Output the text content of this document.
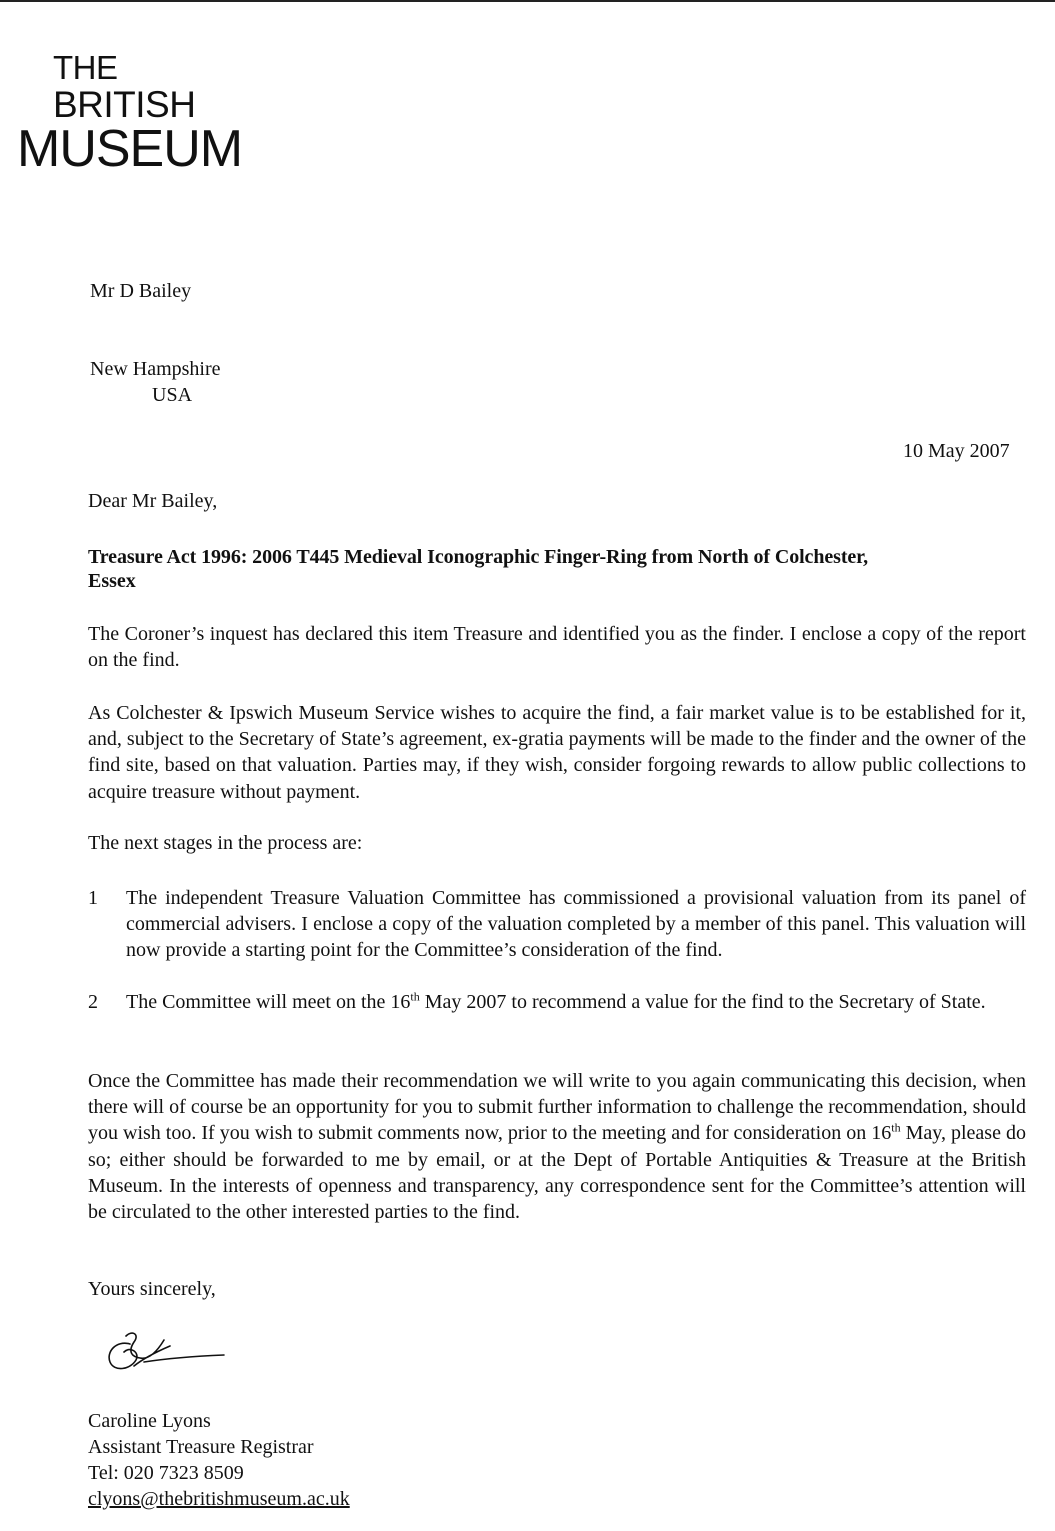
THE
BRITISH
MUSEUM
Mr D Bailey
New Hampshire
USA
10 May 2007
Dear Mr Bailey,
Treasure Act 1996: 2006 T445 Medieval Iconographic Finger-Ring from North of Colchester,
Essex
The Coroner’s inquest has declared this item Treasure and identified you as the finder. I enclose a copy of the report on the find.
As Colchester & Ipswich Museum Service wishes to acquire the find, a fair market value is to be established for it, and, subject to the Secretary of State’s agreement, ex-gratia payments will be made to the finder and the owner of the find site, based on that valuation. Parties may, if they wish, consider forgoing rewards to allow public collections to acquire treasure without payment.
The next stages in the process are:
1 The independent Treasure Valuation Committee has commissioned a provisional valuation from its panel of commercial advisers. I enclose a copy of the valuation completed by a member of this panel. This valuation will now provide a starting point for the Committee’s consideration of the find.
2 The Committee will meet on the 16th May 2007 to recommend a value for the find to the Secretary of State.
Once the Committee has made their recommendation we will write to you again communicating this decision, when there will of course be an opportunity for you to submit further information to challenge the recommendation, should you wish too. If you wish to submit comments now, prior to the meeting and for consideration on 16th May, please do so; either should be forwarded to me by email, or at the Dept of Portable Antiquities & Treasure at the British Museum. In the interests of openness and transparency, any correspondence sent for the Committee’s attention will be circulated to the other interested parties to the find.
Yours sincerely,
Caroline Lyons
Assistant Treasure Registrar
Tel: 020 7323 8509
clyons@thebritishmuseum.ac.uk
